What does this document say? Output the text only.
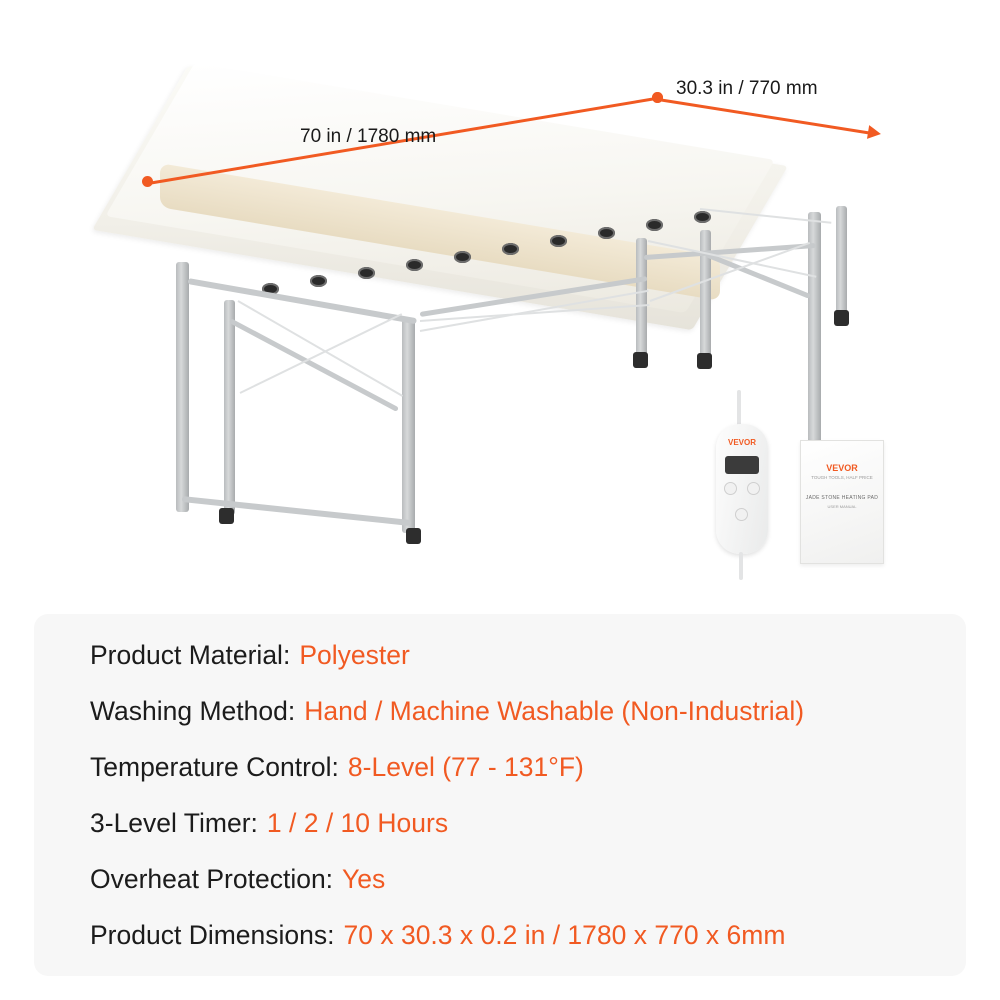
70 in / 1780 mm
30.3 in / 770 mm
VEVOR
VEVOR
TOUGH TOOLS, HALF PRICE
JADE STONE HEATING PAD
USER MANUAL
Product Material: Polyester
Washing Method: Hand / Machine Washable (Non-Industrial)
Temperature Control: 8-Level (77 - 131°F)
3-Level Timer: 1 / 2 / 10 Hours
Overheat Protection: Yes
Product Dimensions: 70 x 30.3 x 0.2 in / 1780 x 770 x 6mm
